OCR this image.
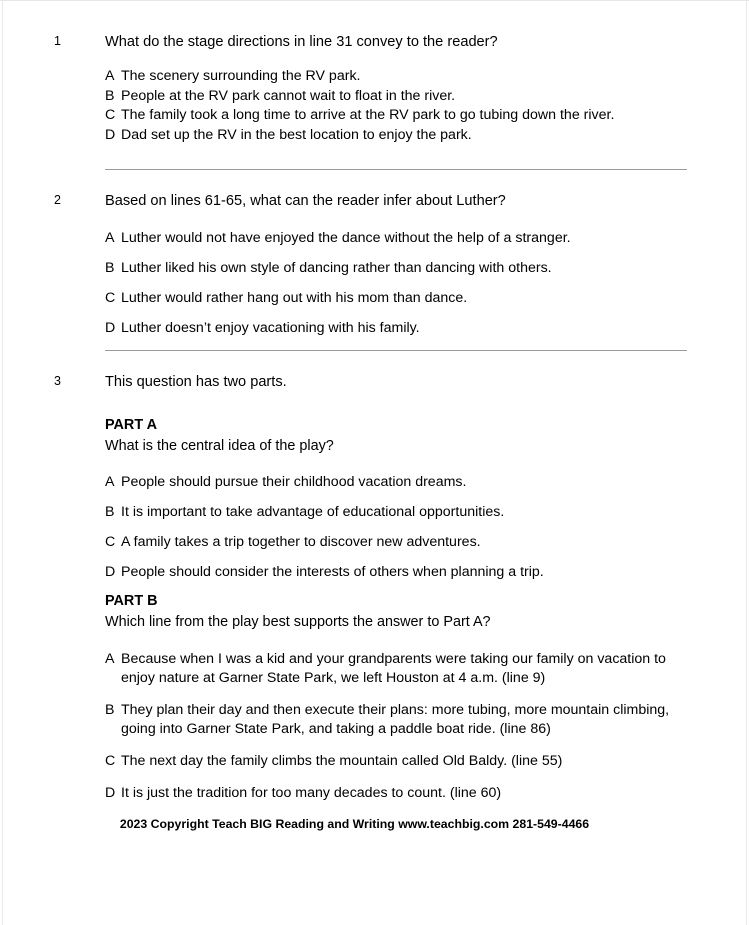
1	What do the stage directions in line 31 convey to the reader?
A The scenery surrounding the RV park.
B People at the RV park cannot wait to float in the river.
C The family took a long time to arrive at the RV park to go tubing down the river.
D Dad set up the RV in the best location to enjoy the park.
2	Based on lines 61-65, what can the reader infer about Luther?
A Luther would not have enjoyed the dance without the help of a stranger.
B Luther liked his own style of dancing rather than dancing with others.
C Luther would rather hang out with his mom than dance.
D Luther doesn’t enjoy vacationing with his family.
3	This question has two parts.
PART A
What is the central idea of the play?
A People should pursue their childhood vacation dreams.
B It is important to take advantage of educational opportunities.
C A family takes a trip together to discover new adventures.
D People should consider the interests of others when planning a trip.
PART B
Which line from the play best supports the answer to Part A?
A Because when I was a kid and your grandparents were taking our family on vacation to enjoy nature at Garner State Park, we left Houston at 4 a.m. (line 9)
B They plan their day and then execute their plans: more tubing, more mountain climbing, going into Garner State Park, and taking a paddle boat ride. (line 86)
C The next day the family climbs the mountain called Old Baldy. (line 55)
D It is just the tradition for too many decades to count. (line 60)
2023 Copyright Teach BIG Reading and Writing www.teachbig.com 281-549-4466
